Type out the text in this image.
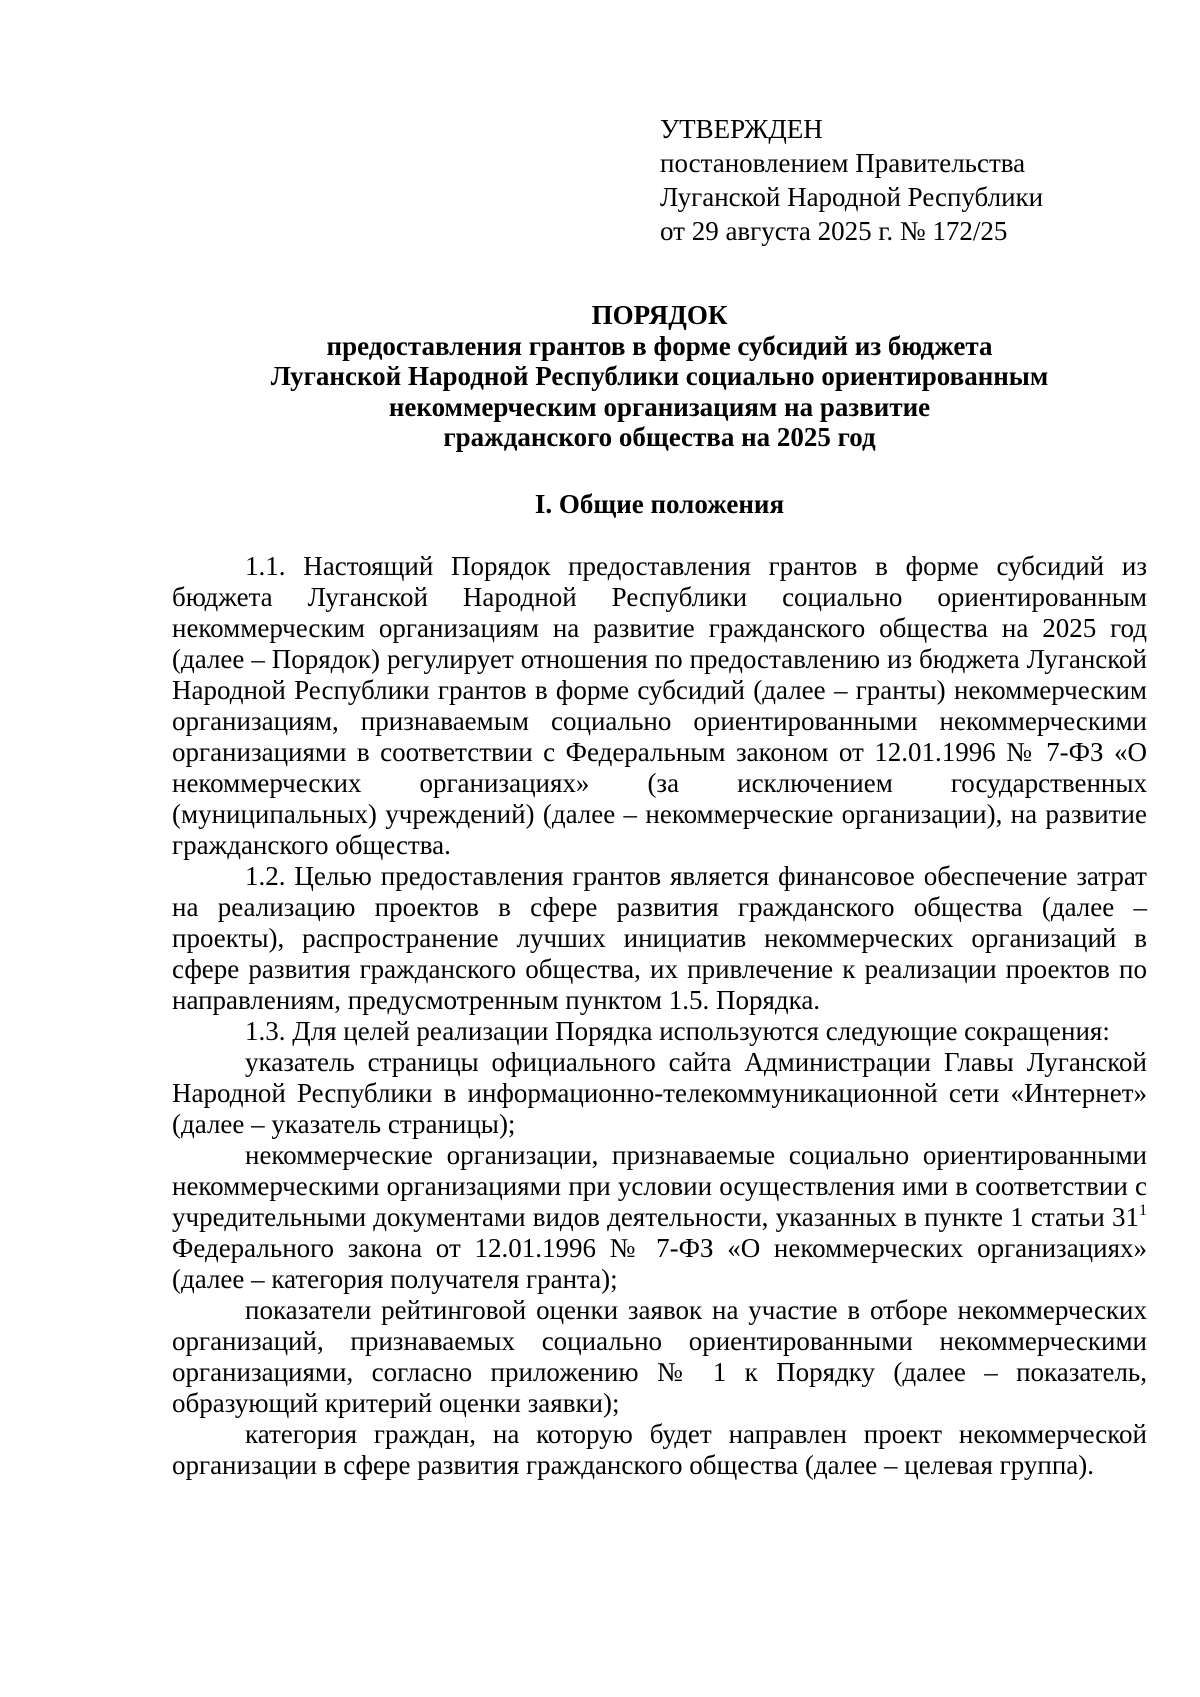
УТВЕРЖДЕН
постановлением Правительства
Луганской Народной Республики
от 29 августа 2025 г. № 172/25
ПОРЯДОК
предоставления грантов в форме субсидий из бюджета
Луганской Народной Республики социально ориентированным
некоммерческим организациям на развитие
гражданского общества на 2025 год
I. Общие положения

1.1. Настоящий Порядок предоставления грантов в форме субсидий из бюджета Луганской Народной Республики социально ориентированным некоммерческим организациям на развитие гражданского общества на 2025 год (далее – Порядок) регулирует отношения по предоставлению из бюджета Луганской Народной Республики грантов в форме субсидий (далее – гранты) некоммерческим организациям, признаваемым социально ориентированными некоммерческими организациями в соответствии с Федеральным законом от 12.01.1996 № 7-ФЗ «О некоммерческих организациях» (за исключением государственных (муниципальных) учреждений) (далее – некоммерческие организации), на развитие гражданского общества.

1.2. Целью предоставления грантов является финансовое обеспечение затрат на реализацию проектов в сфере развития гражданского общества (далее – проекты), распространение лучших инициатив некоммерческих организаций в сфере развития гражданского общества, их привлечение к реализации проектов по направлениям, предусмотренным пунктом 1.5. Порядка.

1.3. Для целей реализации Порядка используются следующие сокращения:

указатель страницы официального сайта Администрации Главы Луганской Народной Республики в информационно-телекоммуникационной сети «Интернет» (далее – указатель страницы);

некоммерческие организации, признаваемые социально ориентированными некоммерческими организациями при условии осуществления ими в соответствии с учредительными документами видов деятельности, указанных в пункте 1 статьи $31^1$ Федерального закона от 12.01.1996 № 7-ФЗ «О некоммерческих организациях» (далее – категория получателя гранта);

показатели рейтинговой оценки заявок на участие в отборе некоммерческих организаций, признаваемых социально ориентированными некоммерческими организациями, согласно приложению № 1 к Порядку (далее – показатель, образующий критерий оценки заявки);

категория граждан, на которую будет направлен проект некоммерческой организации в сфере развития гражданского общества (далее – целевая группа).
